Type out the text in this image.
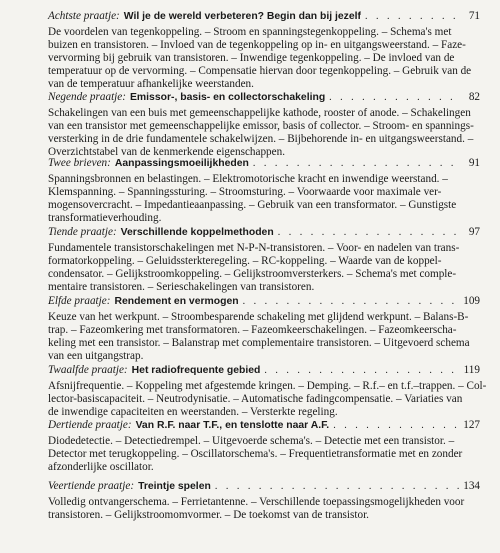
Achtste praatje: Wil je de wereld verbeteren? Begin dan bij jezelf . . .	71
De voordelen van tegenkoppeling. – Stroom en spanningstegenkoppeling. – Schema's met
buizen en transistoren. – Invloed van de tegenkoppeling op in- en uitgangsweerstand. – Faze-
vervorming bij gebruik van transistoren. – Inwendige tegenkoppeling. – De invloed van de
temperatuur op de vervorming. – Compensatie hiervan door tegenkoppeling. – Gebruik van de
van de temperatuur afhankelijke weerstanden.
Negende praatje: Emissor-, basis- en collectorschakeling . . .	82
Schakelingen van een buis met gemeenschappelijke kathode, rooster of anode. – Schakelingen
van een transistor met gemeenschappelijke emissor, basis of collector. – Stroom- en spannings-
versterking in de drie fundamentele schakelwijzen. – Bijbehorende in- en uitgangsweerstand. –
Overzichtstabel van de kenmerkende eigenschappen.
Twee brieven: Aanpassingsmoeilijkheden . . .	91
Spanningsbronnen en belastingen. – Elektromotorische kracht en inwendige weerstand. –
Klemspanning. – Spanningssturing. – Stroomsturing. – Voorwaarde voor maximale ver-
mogensovercracht. – Impedantieaanpassing. – Gebruik van een transformator. – Gunstigste
transformatieverhouding.
Tiende praatje: Verschillende koppelmethoden . . .	97
Fundamentele transistorschakelingen met N-P-N-transistoren. – Voor- en nadelen van trans-
formatorkoppeling. – Geluidssterkteregeling. – RC-koppeling. – Waarde van de koppel-
condensator. – Gelijkstroomkoppeling. – Gelijkstroomversterkers. – Schema's met comple-
mentaire transistoren. – Serieschakelingen van transistoren.
Elfde praatje: Rendement en vermogen . . .	109
Keuze van het werkpunt. – Stroombesparende schakeling met glijdend werkpunt. – Balans-B-
trap. – Fazeomkering met transformatoren. – Fazeomkeerschakelingen. – Fazeomkeerscha-
keling met een transistor. – Balanstrap met complementaire transistoren. – Uitgevoerd schema
van een uitgangstrap.
Twaalfde praatje: Het radiofrequente gebied . . .	119
Afsnijfrequentie. – Koppeling met afgestemde kringen. – Demping. – R.f.– en t.f.–trappen. – Col-
lector-basiscapaciteit. – Neutrodynisatie. – Automatische fadingcompensatie. – Variaties van
de inwendige capaciteiten en weerstanden. – Versterkte regeling.
Dertiende praatje: Van R.F. naar T.F., en tenslotte naar A.F. . . .	127
Diodedetectie. – Detectiedrempel. – Uitgevoerde schema's. – Detectie met een transistor. –
Detector met terugkoppeling. – Oscillatorschema's. – Frequentietransformatie met en zonder
afzonderlijke oscillator.
Veertiende praatje: Treintje spelen . . .	134
Volledig ontvangerschema. – Ferrietantenne. – Verschillende toepassingsmogelijkheden voor
transistoren. – Gelijkstroomomvormer. – De toekomst van de transistor.
